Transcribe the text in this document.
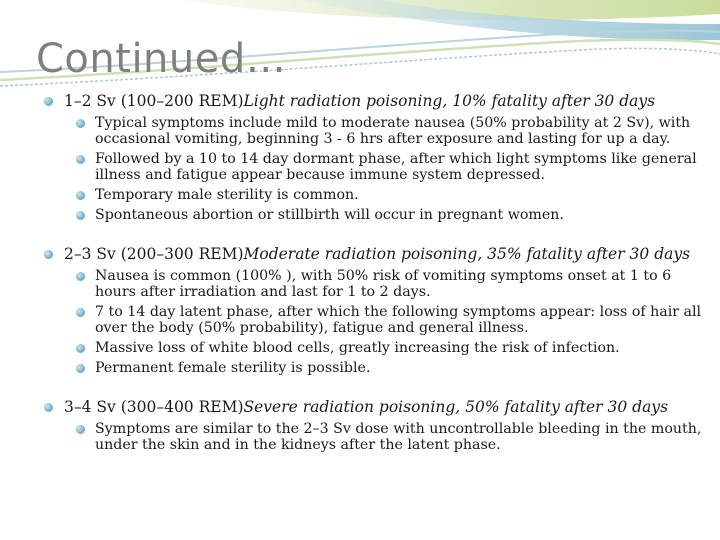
Continued…
1–2 Sv (100–200 REM)Light radiation poisoning, 10% fatality after 30 days
Typical symptoms include mild to moderate nausea (50% probability at 2 Sv), with occasional vomiting, beginning 3 - 6 hrs after exposure and lasting for up a day.
Followed by a 10 to 14 day dormant phase, after which light symptoms like general illness and fatigue appear because immune system depressed.
Temporary male sterility is common.
Spontaneous abortion or stillbirth will occur in pregnant women.
2–3 Sv (200–300 REM)Moderate radiation poisoning, 35% fatality after 30 days
Nausea is common (100% ), with 50% risk of vomiting symptoms onset at 1 to 6 hours after irradiation and last for 1 to 2 days.
7 to 14 day latent phase, after which the following symptoms appear: loss of hair all over the body (50% probability), fatigue and general illness.
Massive loss of white blood cells, greatly increasing the risk of infection.
Permanent female sterility is possible.
3–4 Sv (300–400 REM)Severe radiation poisoning, 50% fatality after 30 days
Symptoms are similar to the 2–3 Sv dose with uncontrollable bleeding in the mouth, under the skin and in the kidneys after the latent phase.
